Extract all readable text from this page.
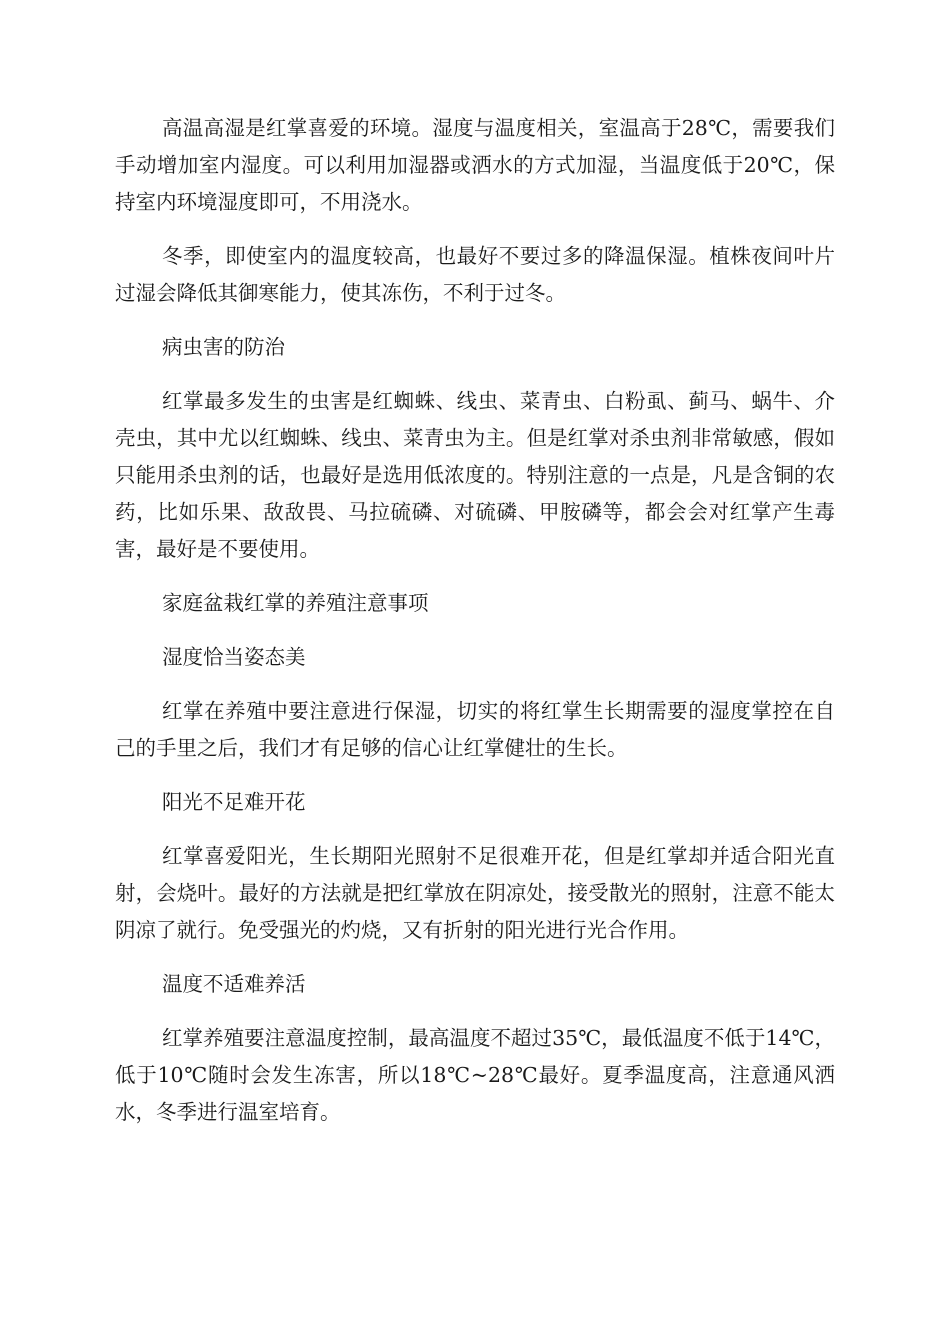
高温高湿是红掌喜爱的环境。湿度与温度相关，室温高于28℃，需要我们手动增加室内湿度。可以利用加湿器或洒水的方式加湿，当温度低于20℃，保持室内环境湿度即可，不用浇水。

冬季，即使室内的温度较高，也最好不要过多的降温保湿。植株夜间叶片过湿会降低其御寒能力，使其冻伤，不利于过冬。

病虫害的防治

红掌最多发生的虫害是红蜘蛛、线虫、菜青虫、白粉虱、蓟马、蜗牛、介壳虫，其中尤以红蜘蛛、线虫、菜青虫为主。但是红掌对杀虫剂非常敏感，假如只能用杀虫剂的话，也最好是选用低浓度的。特别注意的一点是，凡是含铜的农药，比如乐果、敌敌畏、马拉硫磷、对硫磷、甲胺磷等，都会会对红掌产生毒害，最好是不要使用。

家庭盆栽红掌的养殖注意事项

湿度恰当姿态美

红掌在养殖中要注意进行保湿，切实的将红掌生长期需要的湿度掌控在自己的手里之后，我们才有足够的信心让红掌健壮的生长。

阳光不足难开花

红掌喜爱阳光，生长期阳光照射不足很难开花，但是红掌却并适合阳光直射，会烧叶。最好的方法就是把红掌放在阴凉处，接受散光的照射，注意不能太阴凉了就行。免受强光的灼烧，又有折射的阳光进行光合作用。

温度不适难养活

红掌养殖要注意温度控制，最高温度不超过35℃，最低温度不低于14℃，低于10℃随时会发生冻害，所以18℃~28℃最好。夏季温度高，注意通风洒水，冬季进行温室培育。
